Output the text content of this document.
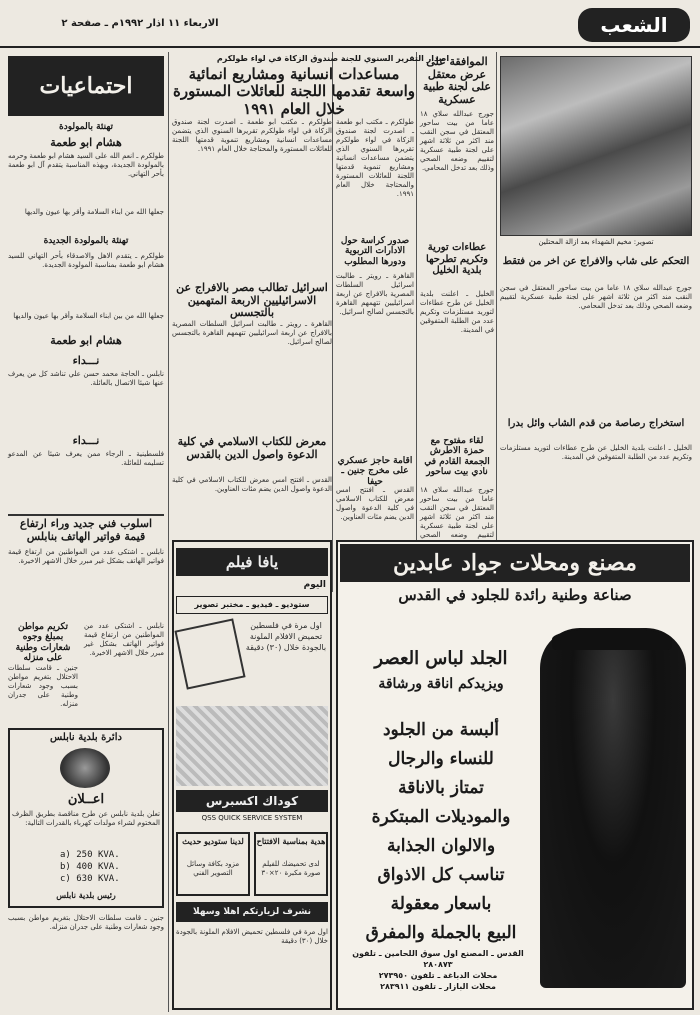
الشعب
الاربعاء ١١ اذار ١٩٩٢م ـ صفحة ٢
تصوير: مخيم الشهداء بعد ازالة المحتلين
الموافقة على عرض معتقل على لجنة طبية عسكرية
جورج عبدالله سلاي ١٨ عاما من بيت ساحور المعتقل في سجن النقب مند اكثر من ثلاثة اشهر على لجنة طبية عسكرية لتقييم وضعه الصحي وذلك بعد تدخل المحامي.
عطاءات تورية وتكريم تطرحها بلدية الخليل
الخليل ـ اعلنت بلدية الخليل عن طرح عطاءات لتوريد مستلزمات وتكريم عدد من الطلبة المتفوقين في المدينة.
التحكم على شاب والافراج عن اخر من فتقط
جورج عبدالله سلاي ١٨ عاما من بيت ساحور المعتقل في سجن النقب مند اكثر من ثلاثة اشهر على لجنة طبية عسكرية لتقييم وضعه الصحي وذلك بعد تدخل المحامي.
استخراج رصاصة من قدم الشاب وائل بدرا
الخليل ـ اعلنت بلدية الخليل عن طرح عطاءات لتوريد مستلزمات وتكريم عدد من الطلبة المتفوقين في المدينة.
لقاء مفتوح مع حمزة الاطرش الجمعة القادم في نادي بيت ساحور
جورج عبدالله سلاي ١٨ عاما من بيت ساحور المعتقل في سجن النقب مند اكثر من ثلاثة اشهر على لجنة طبية عسكرية لتقييم وضعه الصحي
اصدار التقرير السنوي للجنة صندوق الزكاة في لواء طولكرم
مساعدات انسانية ومشاريع انمائية واسعة تقدمها اللجنة للعائلات المستورة خلال العام ١٩٩١
طولكرم ـ مكتب ابو طعمة ـ اصدرت لجنة صندوق الزكاة في لواء طولكرم تقريرها السنوي الذي يتضمن مساعدات انسانية ومشاريع تنموية قدمتها اللجنة للعائلات المستورة والمحتاجة خلال العام ١٩٩١.
طولكرم ـ مكتب ابو طعمة ـ اصدرت لجنة صندوق الزكاة في لواء طولكرم تقريرها السنوي الذي يتضمن مساعدات انسانية ومشاريع تنموية قدمتها اللجنة للعائلات المستورة والمحتاجة خلال العام ١٩٩١.
اسرائيل تطالب مصر بالافراج عن الاسرائيليين الاربعة المتهمين بالتجسس
القاهرة ـ رويتر ـ طالبت اسرائيل السلطات المصرية بالافراج عن اربعة اسرائيليين تتهمهم القاهرة بالتجسس لصالح اسرائيل.
صدور كراسة حول الادارات التربوية ودورها المطلوب
القاهرة ـ رويتر ـ طالبت اسرائيل السلطات المصرية بالافراج عن اربعة اسرائيليين تتهمهم القاهرة بالتجسس لصالح اسرائيل.
اقامة حاجز عسكري على مخرج جنين ـ حيفا
القدس ـ افتتح امس معرض للكتاب الاسلامي في كلية الدعوة واصول الدين يضم مئات العناوين.
معرض للكتاب الاسلامي في كلية الدعوة واصول الدين بالقدس
القدس ـ افتتح امس معرض للكتاب الاسلامي في كلية الدعوة واصول الدين يضم مئات العناوين.
احتماعيات
تهنئة بالمولودة
هشام ابو طعمة
طولكرم ـ انعم الله على السيد هشام ابو طعمة وحرمه بالمولودة الجديدة، وبهذه المناسبة يتقدم آل ابو طعمة بأحر التهاني.
جعلها الله من ابناء السلامة وأقر بها عيون والديها
تهنئة بالمولودة الجديدة
طولكرم ـ يتقدم الاهل والاصدقاء بأحر التهاني للسيد هشام ابو طعمة بمناسبة المولودة الجديدة.
جعلها الله من بين ابناء السلامة وأقر بها عيون والديها
هشام ابو طعمة
نـــداء
نابلس ـ الحاجة محمد حسن علي تناشد كل من يعرف عنها شيئا الاتصال بالعائلة.
نـــداء
فلسطينية ـ الرجاء ممن يعرف شيئا عن المدعو تسليمه للعائلة.
اسلوب فني جديد وراء ارتفاع قيمة فواتير الهاتف بنابلس
نابلس ـ اشتكى عدد من المواطنين من ارتفاع قيمة فواتير الهاتف بشكل غير مبرر خلال الاشهر الاخيرة.
تكريم مواطن بمبلغ وجوه شعارات وطنية على منزله
جنين ـ قامت سلطات الاحتلال بتغريم مواطن بسبب وجود شعارات وطنية على جدران منزله.
نابلس ـ اشتكى عدد من المواطنين من ارتفاع قيمة فواتير الهاتف بشكل غير مبرر خلال الاشهر الاخيرة.
دائرة بلدية نابلس
اعــلان
تعلن بلدية نابلس عن طرح مناقصة بطريق الظرف المختوم لشراء مولدات كهرباء بالقدرات التالية:
a) 250 KVA.
b) 400 KVA.
c) 630 KVA.
رئيس بلدية نابلس
جنين ـ قامت سلطات الاحتلال بتغريم مواطن بسبب وجود شعارات وطنية على جدران منزله.
يافا فيلم
اليوم
ستوديو ـ فيديو ـ مختبر تصوير
اول مرة في فلسطين تحميض الافلام الملونة بالجودة خلال (٣٠) دقيقة
كوداك اكسبرس
QSS QUICK SERVICE SYSTEM
هدية بمناسبة الافتتاح
لدى تحميضك للفيلم صورة مكبرة ٢٠×٣٠
لدينا ستوديو حديث
مزود بكافة وسائل التصوير الفني
نشرف لزيارتكم اهلا وسهلا
اول مرة في فلسطين تحميض الافلام الملونة بالجودة خلال (٣٠) دقيقة
مصنع ومحلات جواد عابدين
صناعة وطنية رائدة للجلود في القدس
الجلد لباس العصر
ويزيدكم اناقة ورشاقة
ألبسة من الجلود
للنساء والرجال
تمتاز بالاناقة
والموديلات المبتكرة
والالوان الجذابة
تناسب كل الاذواق
باسعار معقولة
البيع بالجملة والمفرق
القدس ـ المصنع اول سوق اللحامين ـ تلفون ٢٨٠٨٧٣
محلات الدباغة ـ تلفون ٢٧٣٩٥٠
محلات البازار ـ تلفون ٢٨٣٩١١
